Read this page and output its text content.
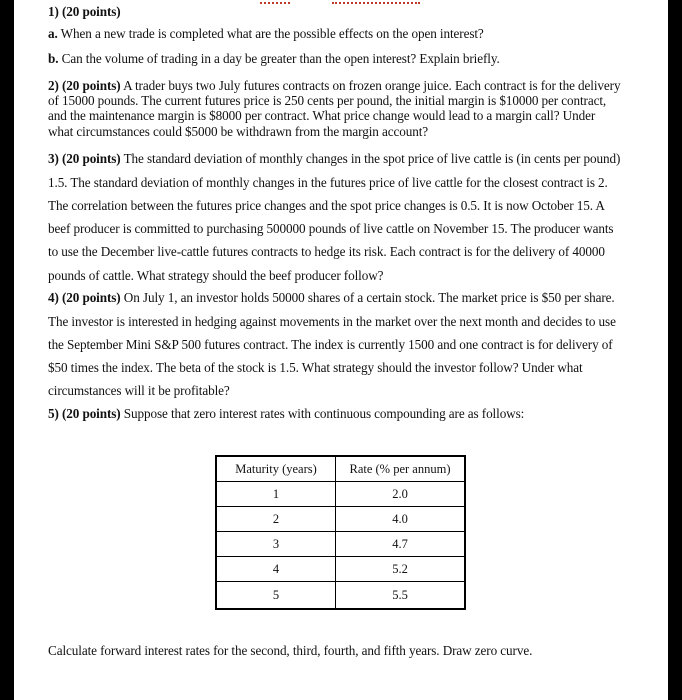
1) (20 points)

a. When a new trade is completed what are the possible effects on the open interest?

b. Can the volume of trading in a day be greater than the open interest? Explain briefly.

2) (20 points) A trader buys two July futures contracts on frozen orange juice. Each contract is for the delivery

of 15000 pounds. The current futures price is 250 cents per pound, the initial margin is $10000 per contract,

and the maintenance margin is $8000 per contract. What price change would lead to a margin call? Under

what circumstances could $5000 be withdrawn from the margin account?

3) (20 points) The standard deviation of monthly changes in the spot price of live cattle is (in cents per pound)

1.5. The standard deviation of monthly changes in the futures price of live cattle for the closest contract is 2.

The correlation between the futures price changes and the spot price changes is 0.5. It is now October 15. A

beef producer is committed to purchasing 500000 pounds of live cattle on November 15. The producer wants

to use the December live-cattle futures contracts to hedge its risk. Each contract is for the delivery of 40000

pounds of cattle. What strategy should the beef producer follow?

4) (20 points) On July 1, an investor holds 50000 shares of a certain stock. The market price is $50 per share.

The investor is interested in hedging against movements in the market over the next month and decides to use

the September Mini S&P 500 futures contract. The index is currently 1500 and one contract is for delivery of

$50 times the index. The beta of the stock is 1.5. What strategy should the investor follow? Under what

circumstances will it be profitable?

5) (20 points) Suppose that zero interest rates with continuous compounding are as follows:

Maturity (years)	Rate (% per annum)
1	2.0
2	4.0
3	4.7
4	5.2
5	5.5

Calculate forward interest rates for the second, third, fourth, and fifth years. Draw zero curve.
